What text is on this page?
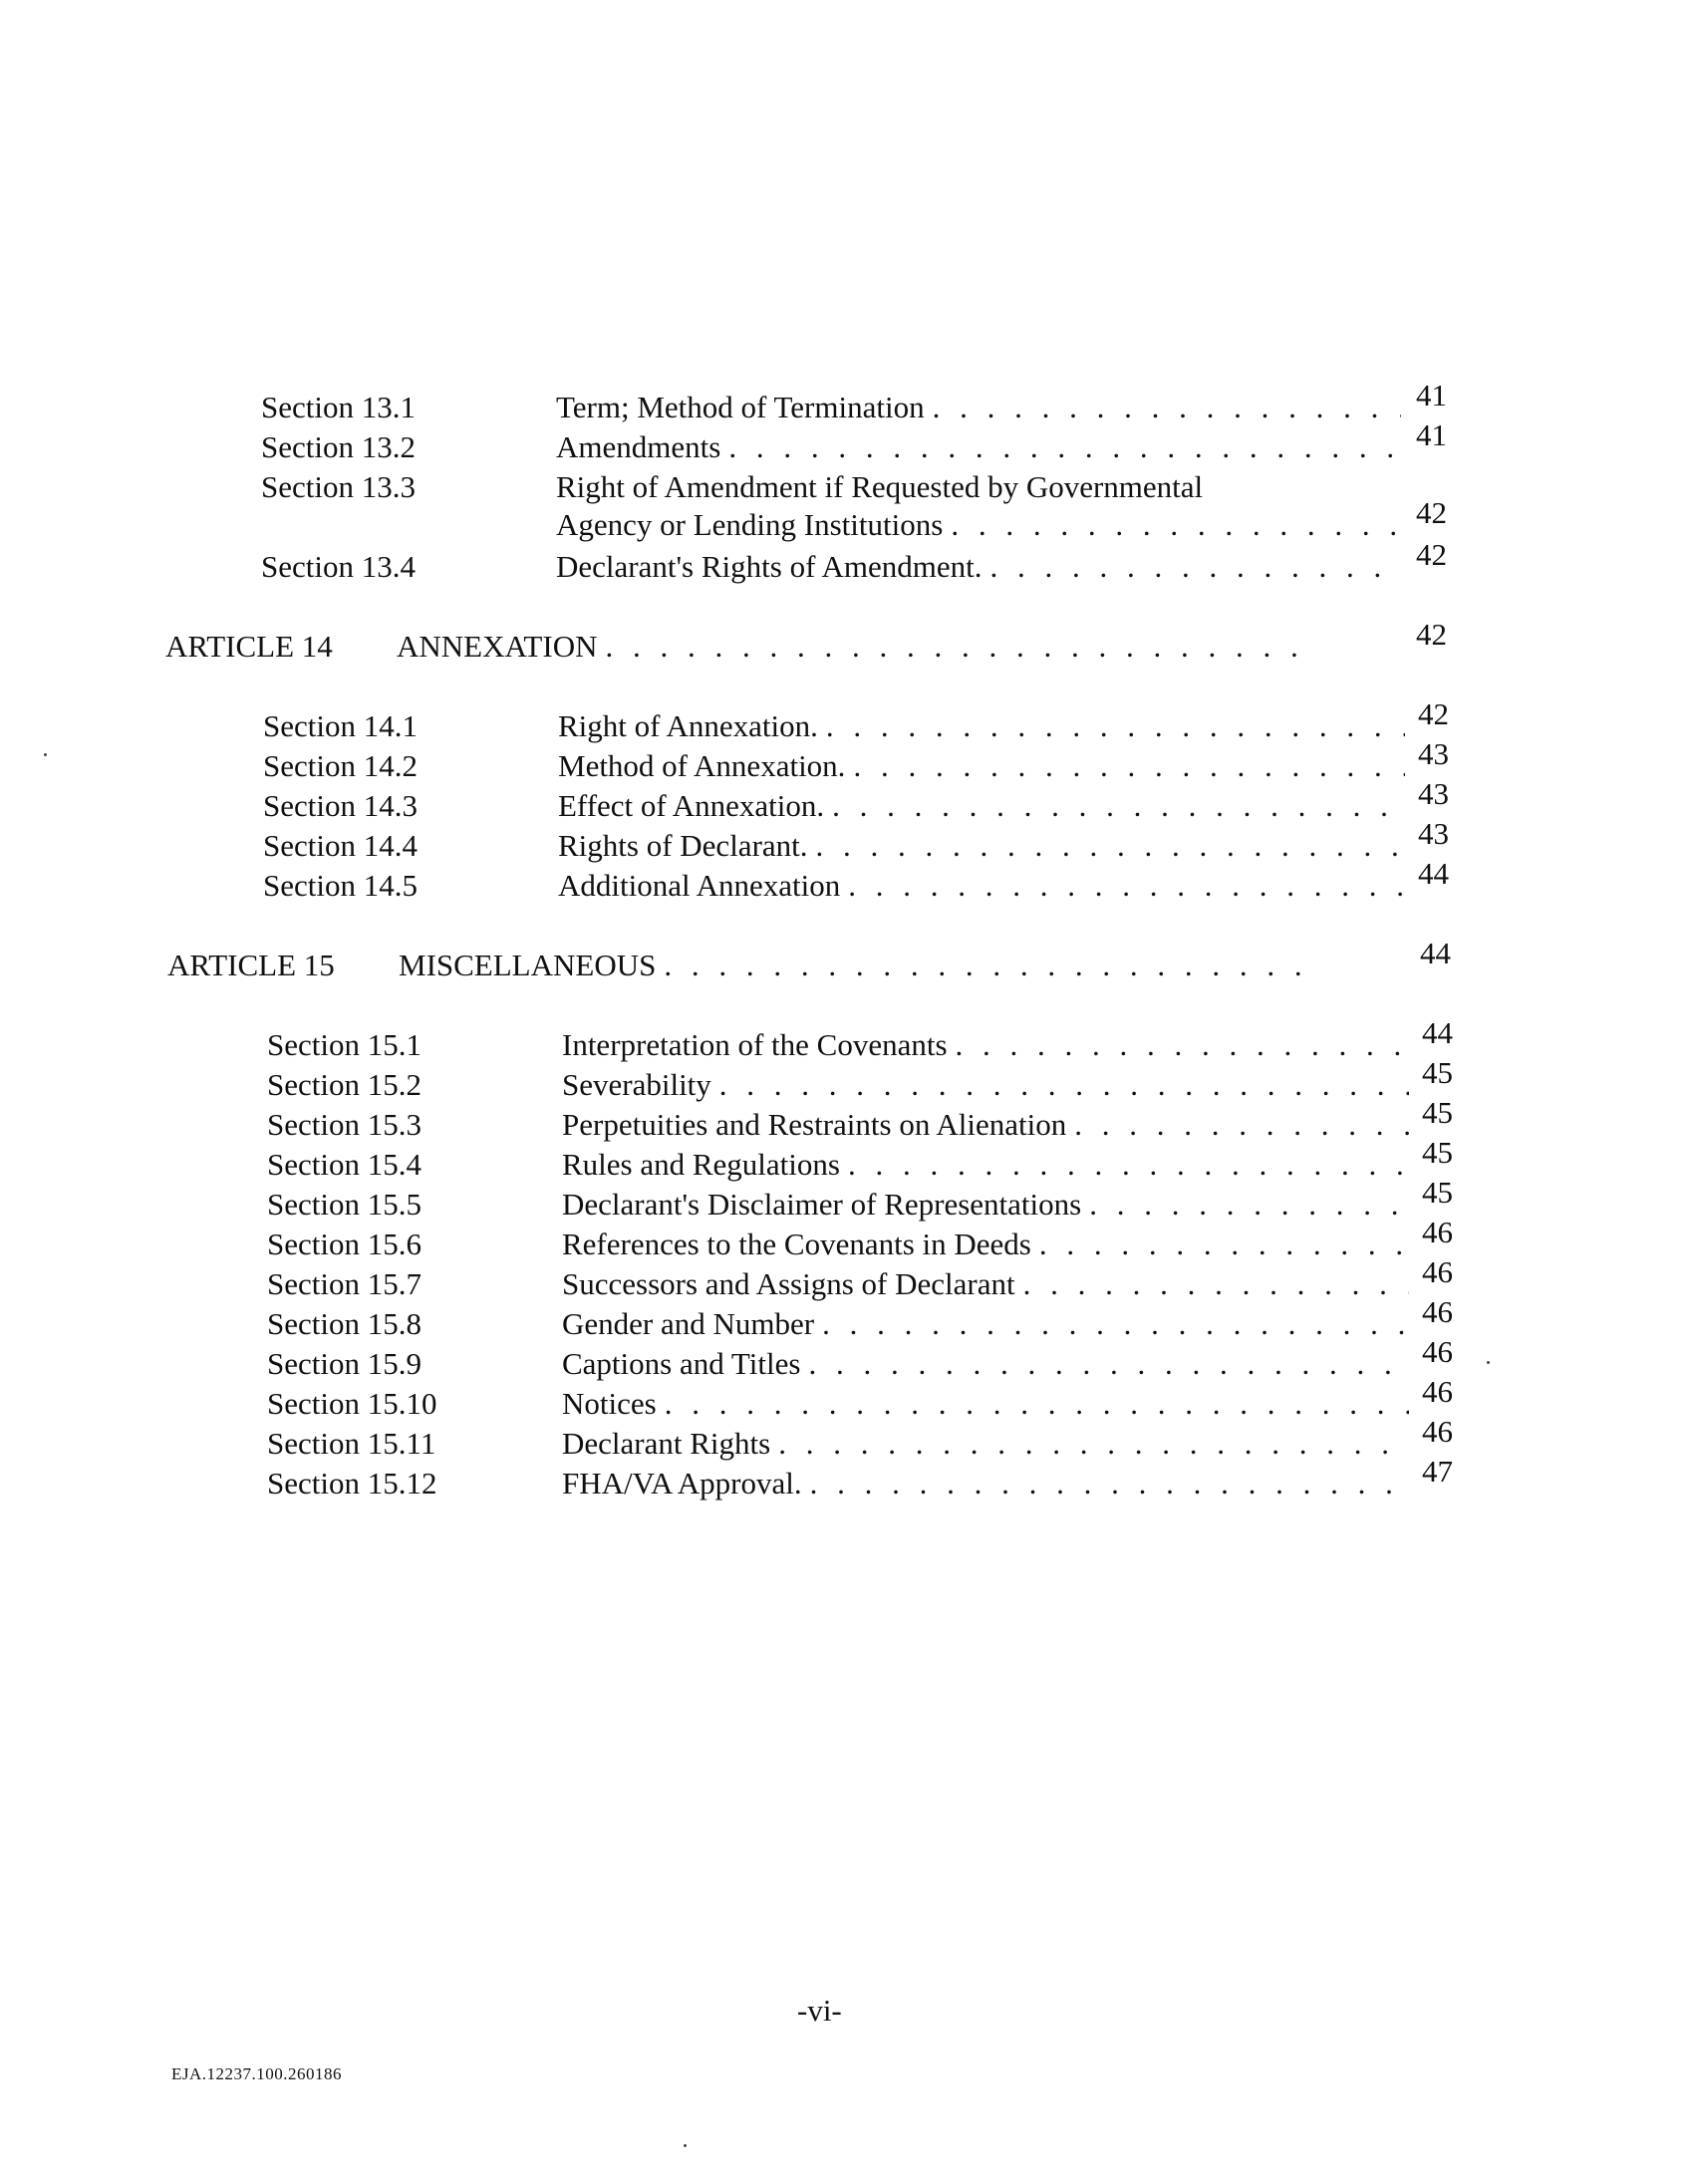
Section 13.1	Term; Method of Termination . . .	41
Section 13.2	Amendments . . .	41
Section 13.3	Right of Amendment if Requested by Governmental
Agency or Lending Institutions . . .	42
Section 13.4	Declarant's Rights of Amendment. . . .	42
ARTICLE 14 ANNEXATION . . .	42
Section 14.1	Right of Annexation. . . .	42
Section 14.2	Method of Annexation. . . .	43
Section 14.3	Effect of Annexation. . . .	43
Section 14.4	Rights of Declarant. . . .	43
Section 14.5	Additional Annexation . . .	44
ARTICLE 15 MISCELLANEOUS . . .	44
Section 15.1	Interpretation of the Covenants . . .	44
Section 15.2	Severability . . .	45
Section 15.3	Perpetuities and Restraints on Alienation . . .	45
Section 15.4	Rules and Regulations . . .	45
Section 15.5	Declarant's Disclaimer of Representations . . .	45
Section 15.6	References to the Covenants in Deeds . . .	46
Section 15.7	Successors and Assigns of Declarant . . .	46
Section 15.8	Gender and Number . . .	46
Section 15.9	Captions and Titles . . .	46
Section 15.10	Notices . . .	46
Section 15.11	Declarant Rights . . .	46
Section 15.12	FHA/VA Approval. . . .	47
-vi-
EJA.12237.100.260186
